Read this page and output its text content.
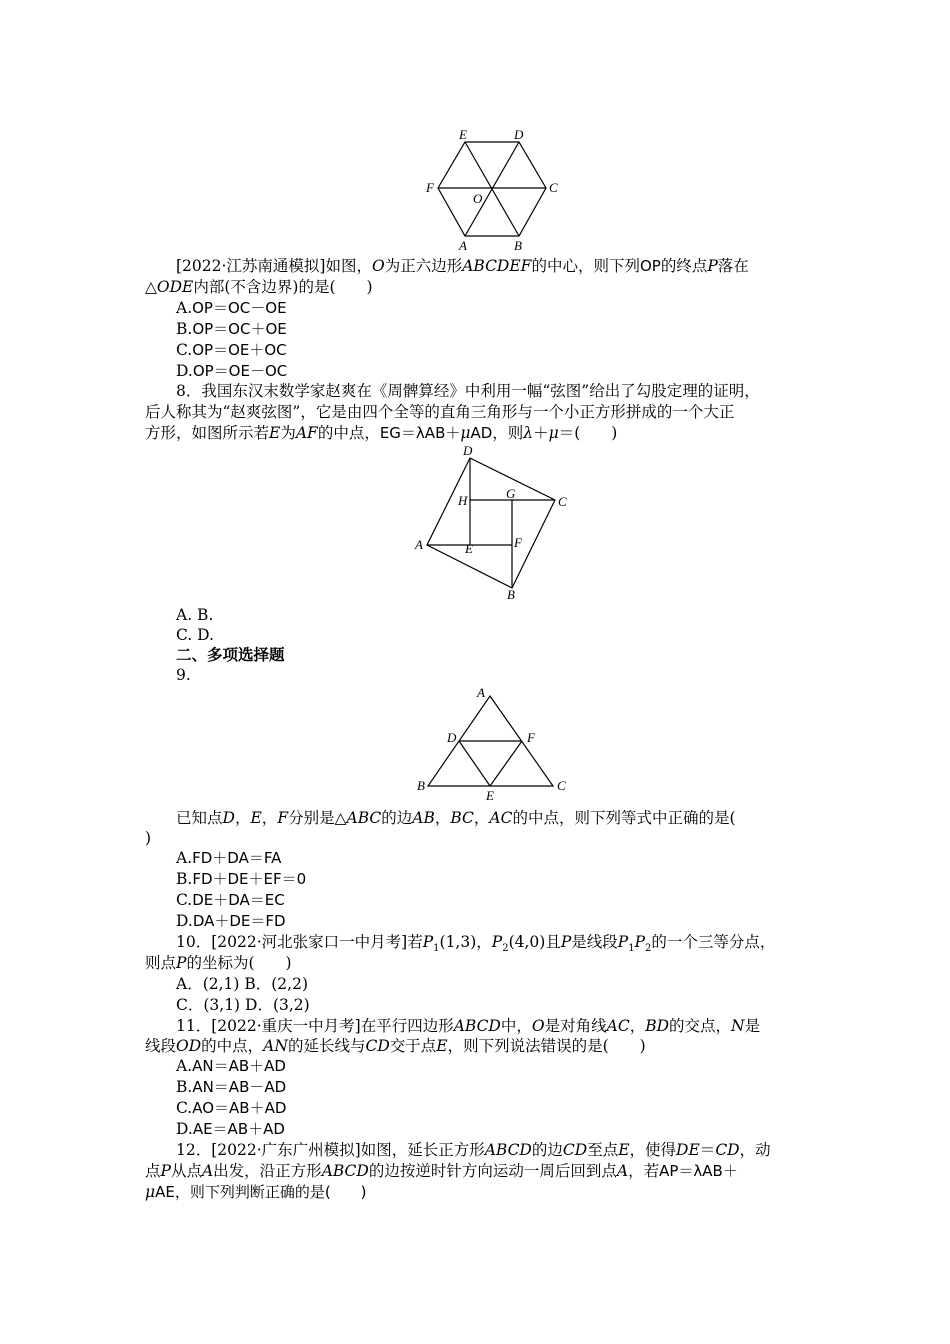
E	D
F
O
C
A	B
[2022·江苏南通模拟]如图，O为正六边形ABCDEF的中心，则下列OP的终点P落在
△ODE内部(不含边界)的是(　　)
A.OP＝OC－OE
B.OP＝OC＋OE
C.OP＝OE＋OC
D.OP＝OE－OC
8．我国东汉末数学家赵爽在《周髀算经》中利用一幅“弦图”给出了勾股定理的证明，
后人称其为“赵爽弦图”，它是由四个全等的直角三角形与一个小正方形拼成的一个大正
方形，如图所示若E为AF的中点，EG＝λAB＋μAD，则λ＋μ＝(　　)
D
G
H	C
A	E	F
B
A. B.
C. D.
二、多项选择题
9.
A
D	F
B
E
C
已知点D，E，F分别是△ABC的边AB，BC，AC的中点，则下列等式中正确的是(
)
A.FD＋DA＝FA
B.FD＋DE＋EF＝0
C.DE＋DA＝EC
D.DA＋DE＝FD
10．[2022·河北张家口一中月考]若$P_1(1,3)$，$P_2(4,0)$且P是线段$P_1P_2$的一个三等分点，
则点P的坐标为(　　)
A．(2,1) B．(2,2)
C．(3,1) D．(3,2)
11．[2022·重庆一中月考]在平行四边形ABCD中，O是对角线AC，BD的交点，N是
线段OD的中点，AN的延长线与CD交于点E，则下列说法错误的是(　　)
A.AN＝AB＋AD
B.AN＝AB－AD
C.AO＝AB＋AD
D.AE＝AB＋AD
12．[2022·广东广州模拟]如图，延长正方形ABCD的边CD至点E，使得DE＝CD，动
点P从点A出发，沿正方形ABCD的边按逆时针方向运动一周后回到点A，若AP＝λAB＋
μAE，则下列判断正确的是(　　)
